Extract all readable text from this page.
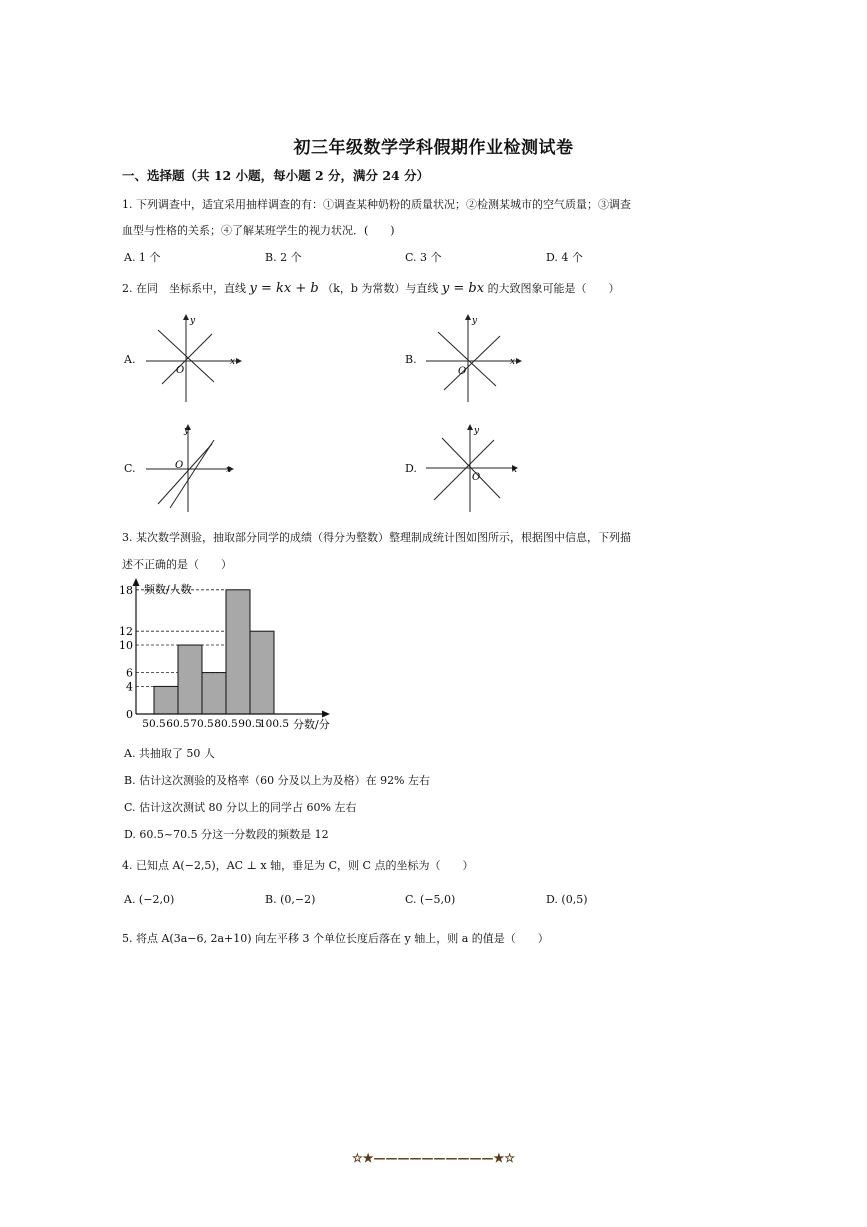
初三年级数学学科假期作业检测试卷
一、选择题（共 12 小题，每小题 2 分，满分 24 分）
1. 下列调查中，适宜采用抽样调查的有：①调查某种奶粉的质量状况；②检测某城市的空气质量；③调查
血型与性格的关系；④了解某班学生的视力状况．(　　)
A. 1 个	B. 2 个	C. 3 个	D. 4 个
2. 在同　坐标系中，直线 y = kx + b （k，b 为常数）与直线 y = bx 的大致图象可能是（　　）
A.	B.
C.	D.
y
x
O
y
x
O
y
x
O
y
x
O
3. 某次数学测验，抽取部分同学的成绩（得分为整数）整理制成统计图如图所示，根据图中信息，下列描
述不正确的是（　　）
0
4
6
10
12
18
50.5 60.5 70.5 80.5 90.5
100.5
频数/人数
分数/分
A. 共抽取了 50 人
B. 估计这次测验的及格率（60 分及以上为及格）在 92% 左右
C. 估计这次测试 80 分以上的同学占 60% 左右
D. 60.5~70.5 分这一分数段的频数是 12
4. 已知点 A(−2,5)，AC ⊥ x 轴，垂足为 C，则 C 点的坐标为（　　）
A. (−2,0)	B. (0,−2)	C. (−5,0)	D. (0,5)
5. 将点 A(3a−6, 2a+10) 向左平移 3 个单位长度后落在 y 轴上，则 a 的值是（　　）
☆★——————————★☆
